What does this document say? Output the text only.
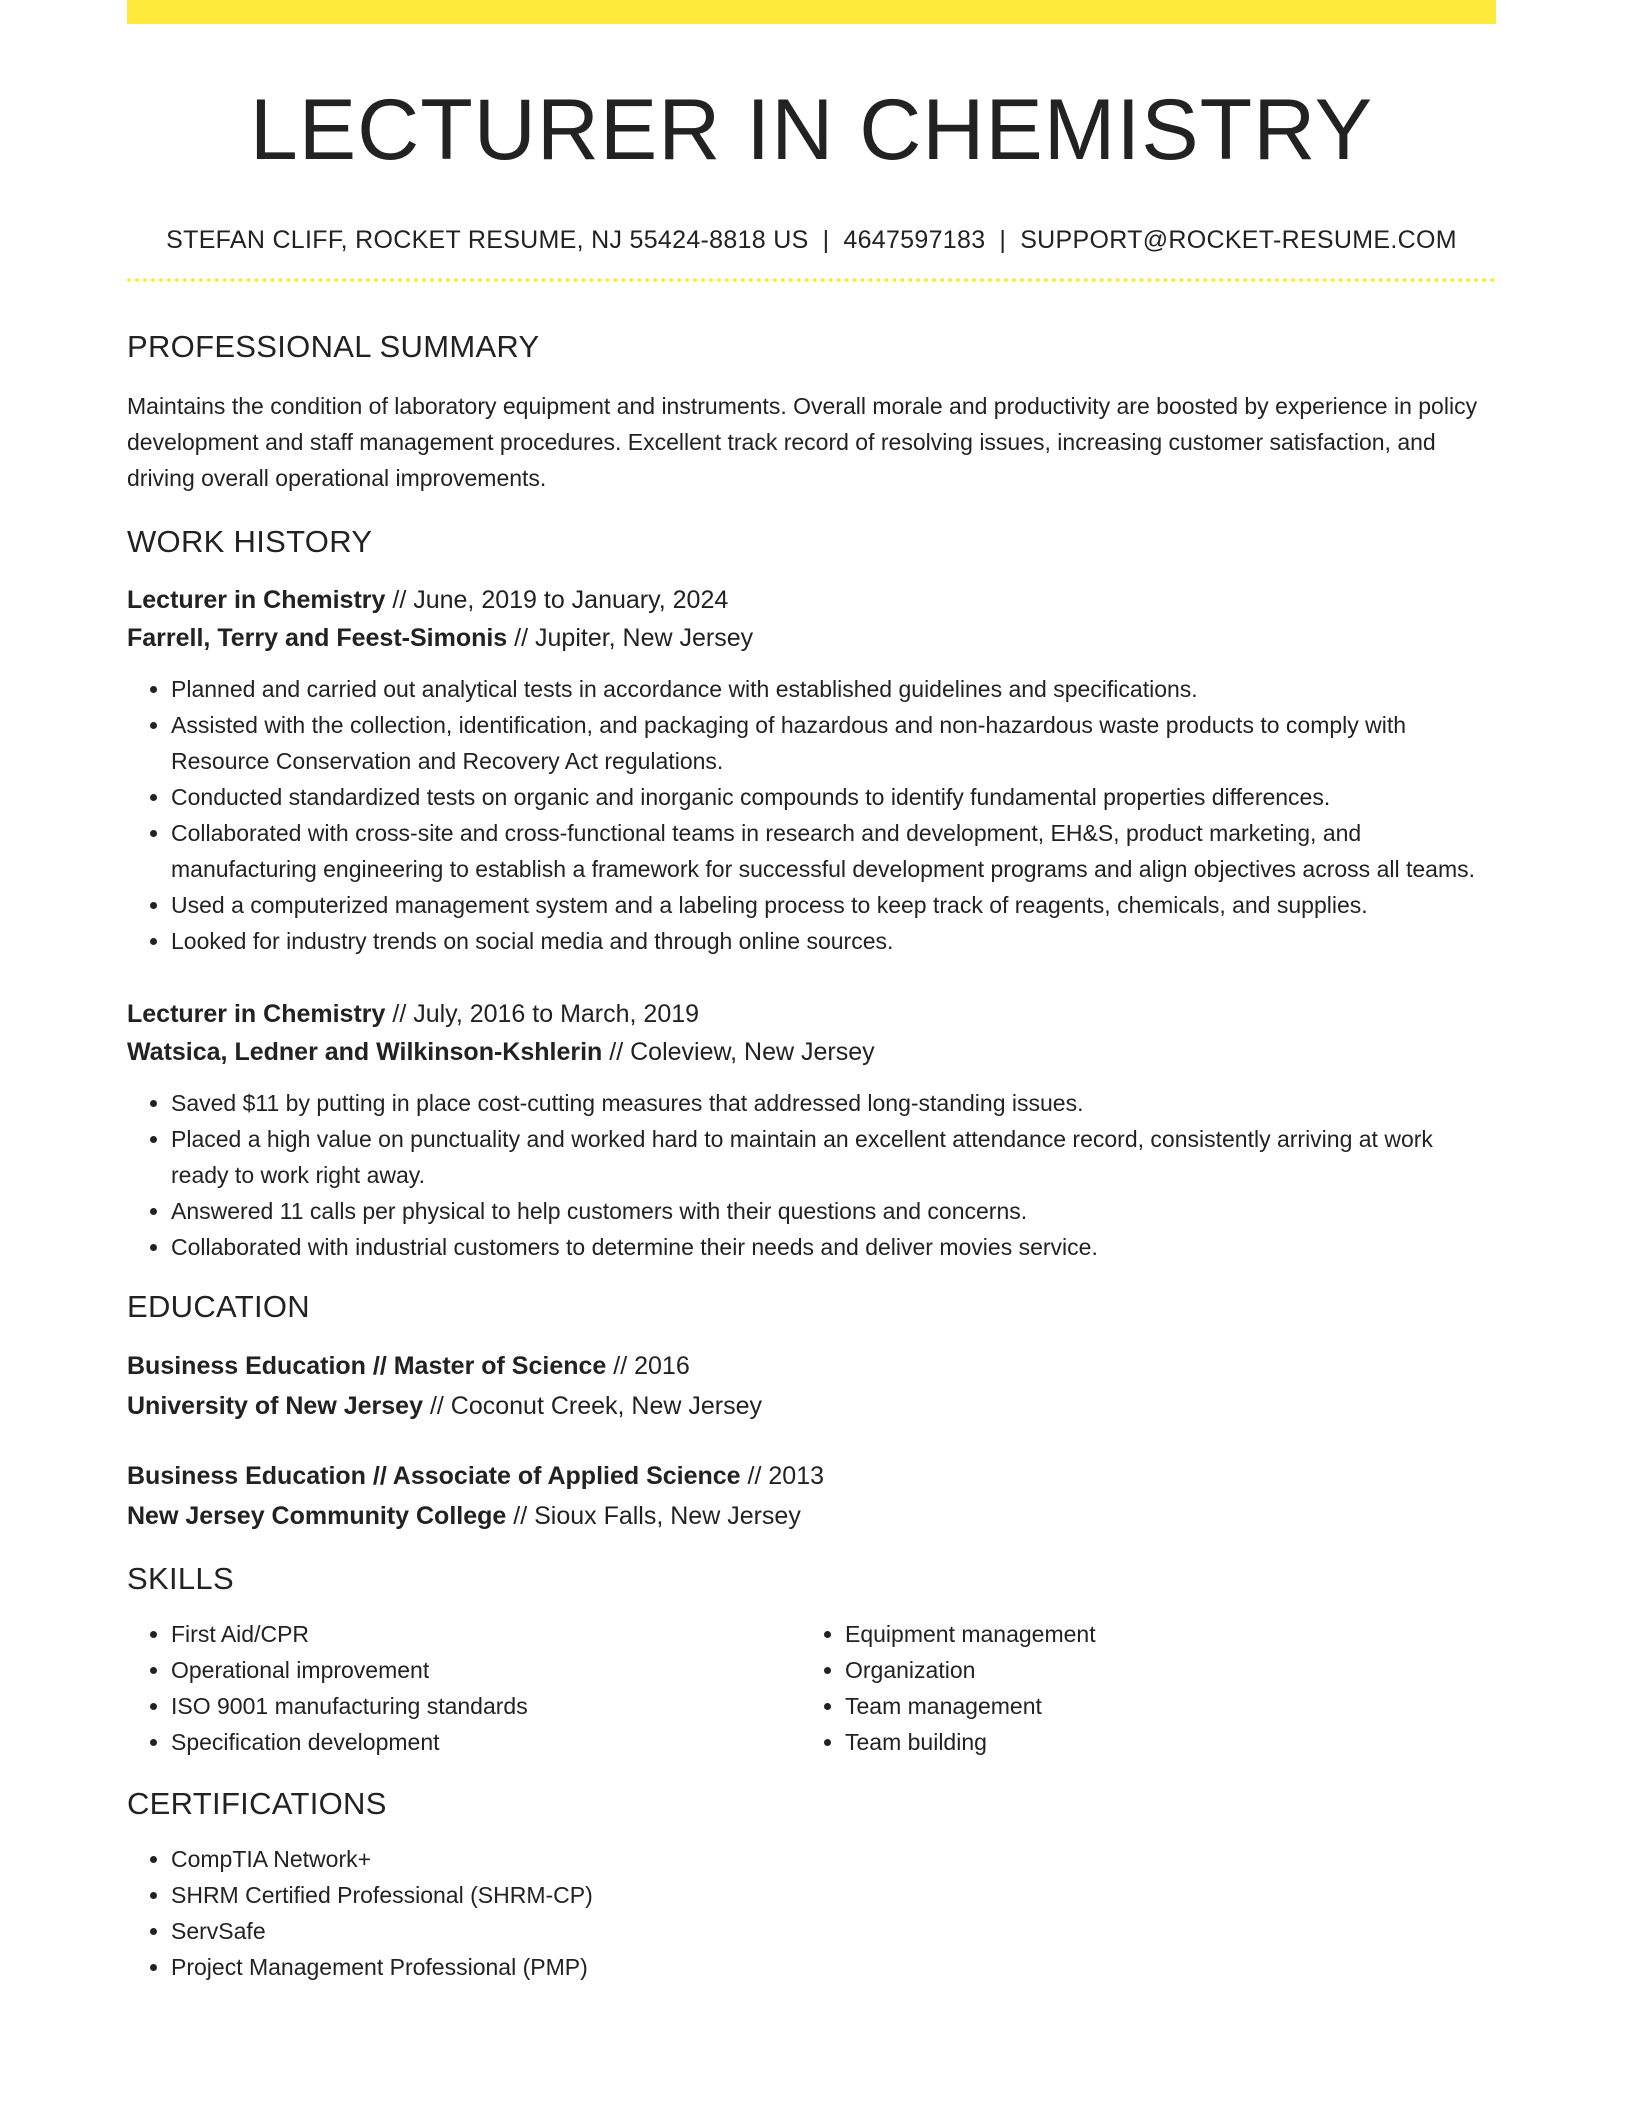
LECTURER IN CHEMISTRY
STEFAN CLIFF, ROCKET RESUME, NJ 55424-8818 US | 4647597183 | SUPPORT@ROCKET-RESUME.COM
PROFESSIONAL SUMMARY
Maintains the condition of laboratory equipment and instruments. Overall morale and productivity are boosted by experience in policy development and staff management procedures. Excellent track record of resolving issues, increasing customer satisfaction, and driving overall operational improvements.
WORK HISTORY
Lecturer in Chemistry // June, 2019 to January, 2024
Farrell, Terry and Feest-Simonis // Jupiter, New Jersey
• Planned and carried out analytical tests in accordance with established guidelines and specifications.
• Assisted with the collection, identification, and packaging of hazardous and non-hazardous waste products to comply with Resource Conservation and Recovery Act regulations.
• Conducted standardized tests on organic and inorganic compounds to identify fundamental properties differences.
• Collaborated with cross-site and cross-functional teams in research and development, EH&S, product marketing, and manufacturing engineering to establish a framework for successful development programs and align objectives across all teams.
• Used a computerized management system and a labeling process to keep track of reagents, chemicals, and supplies.
• Looked for industry trends on social media and through online sources.
Lecturer in Chemistry // July, 2016 to March, 2019
Watsica, Ledner and Wilkinson-Kshlerin // Coleview, New Jersey
• Saved $11 by putting in place cost-cutting measures that addressed long-standing issues.
• Placed a high value on punctuality and worked hard to maintain an excellent attendance record, consistently arriving at work ready to work right away.
• Answered 11 calls per physical to help customers with their questions and concerns.
• Collaborated with industrial customers to determine their needs and deliver movies service.
EDUCATION
Business Education // Master of Science // 2016
University of New Jersey // Coconut Creek, New Jersey
Business Education // Associate of Applied Science // 2013
New Jersey Community College // Sioux Falls, New Jersey
SKILLS
• First Aid/CPR
• Operational improvement
• ISO 9001 manufacturing standards
• Specification development
• Equipment management
• Organization
• Team management
• Team building
CERTIFICATIONS
• CompTIA Network+
• SHRM Certified Professional (SHRM-CP)
• ServSafe
• Project Management Professional (PMP)
